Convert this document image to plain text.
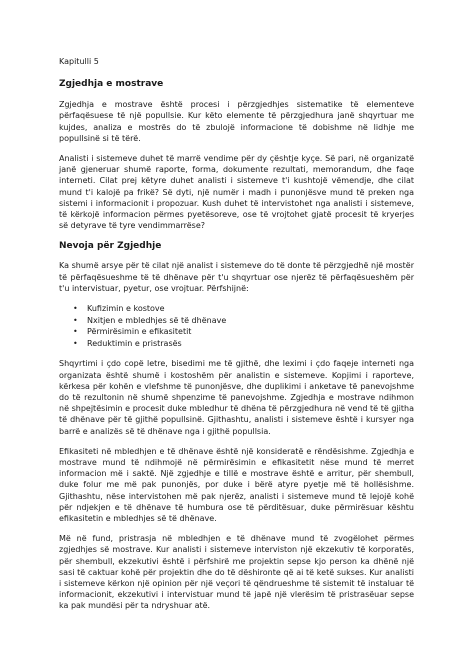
Kapitulli 5
Zgjedhja e mostrave

Zgjedhja e mostrave është procesi i përzgjedhjes sistematike të elementeve përfaqësuese të një popullsie. Kur këto elemente të përzgjedhura janë shqyrtuar me kujdes, analiza e mostrës do të zbulojë informacione të dobishme në lidhje me popullsinë si të tërë.

Analisti i sistemeve duhet të marrë vendime për dy çështje kyçe. Së pari, në organizatë janë gjeneruar shumë raporte, forma, dokumente rezultati, memorandum, dhe faqe interneti. Cilat prej këtyre duhet analisti i sistemeve t'i kushtojë vëmendje, dhe cilat mund t'i kalojë pa frikë? Së dyti, një numër i madh i punonjësve mund të preken nga sistemi i informacionit i propozuar. Kush duhet të intervistohet nga analisti i sistemeve, të kërkojë informacion përmes pyetësoreve, ose të vrojtohet gjatë procesit të kryerjes së detyrave të tyre vendimmarrëse?

Nevoja për Zgjedhje

Ka shumë arsye për të cilat një analist i sistemeve do të donte të përzgjedhë një mostër të përfaqësueshme të të dhënave për t'u shqyrtuar ose njerëz të përfaqësueshëm për t'u intervistuar, pyetur, ose vrojtuar. Përfshijnë:

• Kufizimin e kostove
• Nxitjen e mbledhjes së të dhënave
• Përmirësimin e efikasitetit
• Reduktimin e pristrasës

Shqyrtimi i çdo copë letre, bisedimi me të gjithë, dhe leximi i çdo faqeje interneti nga organizata është shumë i kostoshëm për analistin e sistemeve. Kopjimi i raporteve, kërkesa për kohën e vlefshme të punonjësve, dhe duplikimi i anketave të panevojshme do të rezultonin në shumë shpenzime të panevojshme. Zgjedhja e mostrave ndihmon në shpejtësimin e procesit duke mbledhur të dhëna të përzgjedhura në vend të të gjitha të dhënave për të gjithë popullsinë. Gjithashtu, analisti i sistemeve është i kursyer nga barrë e analizës së të dhënave nga i gjithë popullsia.

Efikasiteti në mbledhjen e të dhënave është një konsideratë e rëndësishme. Zgjedhja e mostrave mund të ndihmojë në përmirësimin e efikasitetit nëse mund të merret informacion më i saktë. Një zgjedhje e tillë e mostrave është e arritur, për shembull, duke folur me më pak punonjës, por duke i bërë atyre pyetje më të hollësishme. Gjithashtu, nëse intervistohen më pak njerëz, analisti i sistemeve mund të lejojë kohë për ndjekjen e të dhënave të humbura ose të përditësuar, duke përmirësuar kështu efikasitetin e mbledhjes së të dhënave.

Më në fund, pristrasja në mbledhjen e të dhënave mund të zvogëlohet përmes zgjedhjes së mostrave. Kur analisti i sistemeve interviston një ekzekutiv të korporatës, për shembull, ekzekutivi është i përfshirë me projektin sepse kjo person ka dhënë një sasi të caktuar kohë për projektin dhe do të dëshironte që ai të ketë sukses. Kur analisti i sistemeve kërkon një opinion për një veçori të qëndrueshme të sistemit të instaluar të informacionit, ekzekutivi i intervistuar mund të japë një vlerësim të pristrasëuar sepse ka pak mundësi për ta ndryshuar atë.
